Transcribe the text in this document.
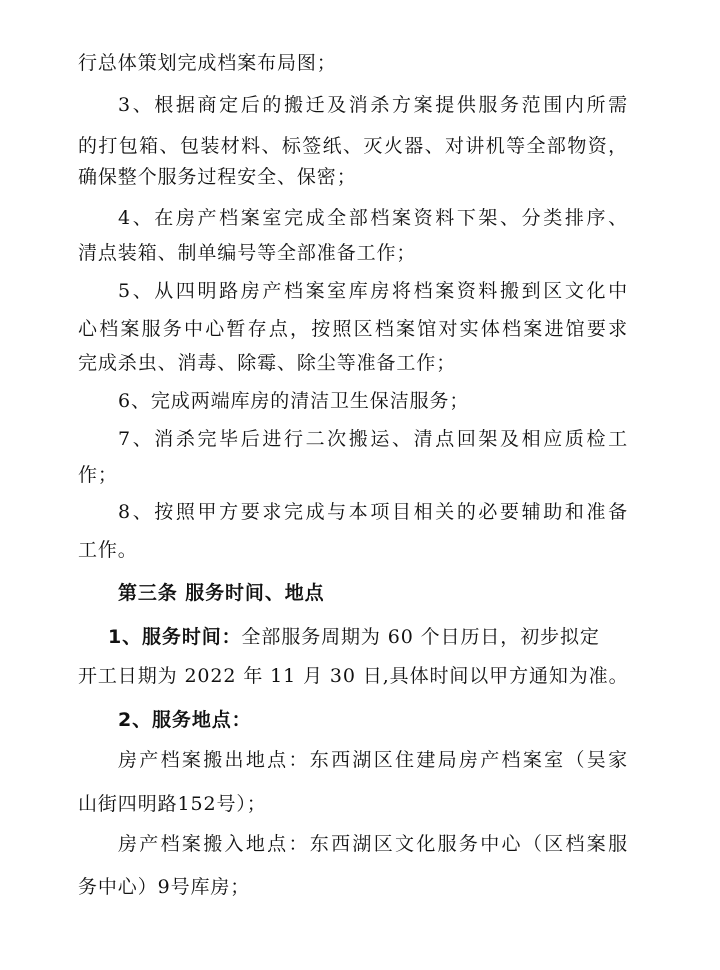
行总体策划完成档案布局图；
3、根据商定后的搬迁及消杀方案提供服务范围内所需
的打包箱、包装材料、标签纸、灭火器、对讲机等全部物资，
确保整个服务过程安全、保密；
4、在房产档案室完成全部档案资料下架、分类排序、
清点装箱、制单编号等全部准备工作；
5、从四明路房产档案室库房将档案资料搬到区文化中
心档案服务中心暂存点，按照区档案馆对实体档案进馆要求
完成杀虫、消毒、除霉、除尘等准备工作；
6、完成两端库房的清洁卫生保洁服务；
7、消杀完毕后进行二次搬运、清点回架及相应质检工
作；
8、按照甲方要求完成与本项目相关的必要辅助和准备
工作。
第三条 服务时间、地点
1、服务时间：全部服务周期为 60 个日历日，初步拟定
开工日期为 2022 年 11 月 30 日,具体时间以甲方通知为准。
2、服务地点：
房产档案搬出地点：东西湖区住建局房产档案室（吴家
山街四明路152号）；
房产档案搬入地点：东西湖区文化服务中心（区档案服
务中心）9号库房；
